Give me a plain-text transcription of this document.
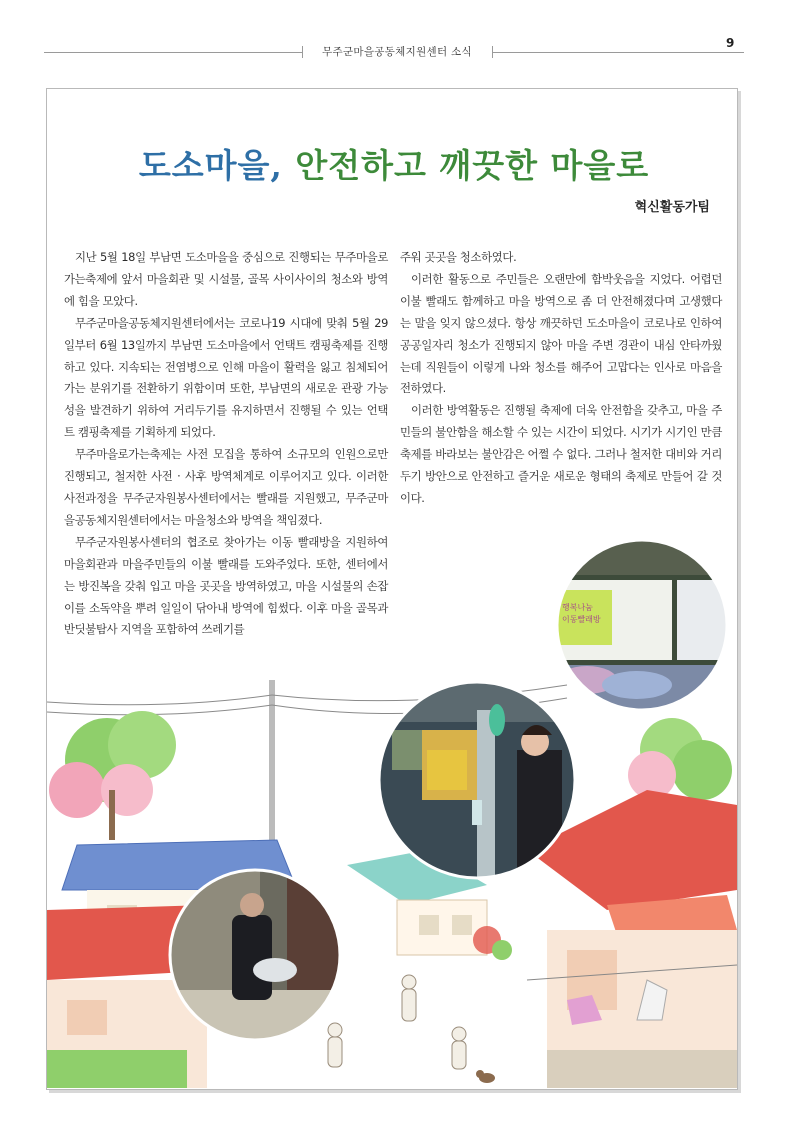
무주군마을공동체지원센터 소식
9
도소마을, 안전하고 깨끗한 마을로
혁신활동가팀

지난 5월 18일 부남면 도소마을을 중심으로 진행되는 무주마을로가는축제에 앞서 마을회관 및 시설물, 골목 사이사이의 청소와 방역에 힘을 모았다.

무주군마을공동체지원센터에서는 코로나19 시대에 맞춰 5월 29일부터 6월 13일까지 부남면 도소마을에서 언택트 캠핑축제를 진행하고 있다. 지속되는 전염병으로 인해 마을이 활력을 잃고 침체되어 가는 분위기를 전환하기 위함이며 또한, 부남면의 새로운 관광 가능성을 발견하기 위하여 거리두기를 유지하면서 진행될 수 있는 언택트 캠핑축제를 기획하게 되었다.

무주마을로가는축제는 사전 모집을 통하여 소규모의 인원으로만 진행되고, 철저한 사전 · 사후 방역체계로 이루어지고 있다. 이러한 사전과정을 무주군자원봉사센터에서는 빨래를 지원했고, 무주군마을공동체지원센터에서는 마을청소와 방역을 책임졌다.

무주군자원봉사센터의 협조로 찾아가는 이동 빨래방을 지원하여 마을회관과 마을주민들의 이불 빨래를 도와주었다. 또한, 센터에서는 방진복을 갖춰 입고 마을 곳곳을 방역하였고, 마을 시설물의 손잡이를 소독약을 뿌려 일일이 닦아내 방역에 힘썼다. 이후 마을 골목과 반딧불탐사 지역을 포함하여 쓰레기를

주워 곳곳을 청소하였다.

이러한 활동으로 주민들은 오랜만에 함박웃음을 지었다. 어렵던 이불 빨래도 함께하고 마을 방역으로 좀 더 안전해졌다며 고생했다는 말을 잊지 않으셨다. 항상 깨끗하던 도소마을이 코로나로 인하여 공공일자리 청소가 진행되지 않아 마을 주변 경관이 내심 안타까웠는데 직원들이 이렇게 나와 청소를 해주어 고맙다는 인사로 마음을 전하였다.

이러한 방역활동은 진행될 축제에 더욱 안전함을 갖추고, 마을 주민들의 불안함을 해소할 수 있는 시간이 되었다. 시기가 시기인 만큼 축제를 바라보는 불안감은 어쩔 수 없다. 그러나 철저한 대비와 거리두기 방안으로 안전하고 즐거운 새로운 형태의 축제로 만들어 갈 것이다.

행복나눔
이동빨래방
